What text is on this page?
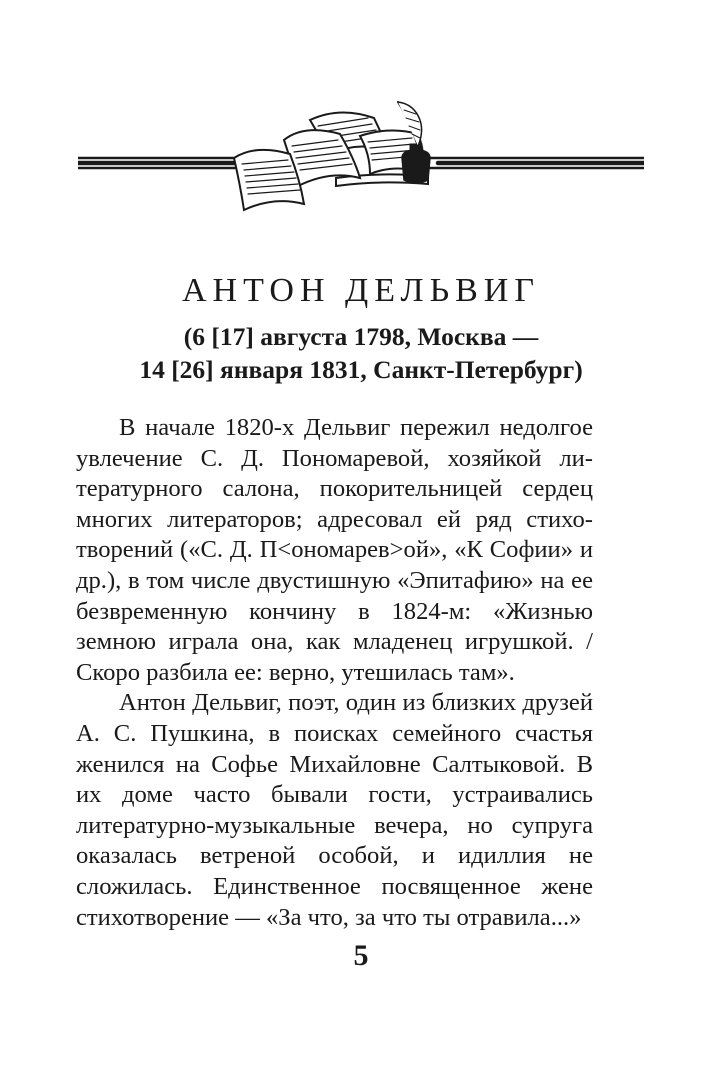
АНТОН ДЕЛЬВИГ
(6 [17] августа 1798, Москва —
14 [26] января 1831, Санкт-Петербург)

В начале 1820-х Дельвиг пережил недолгое увлечение С. Д. Пономаревой, хозяйкой литературного салона, покорительницей сердец многих литераторов; адресовал ей ряд стихотворений («С. Д. П<ономарев>ой», «К Софии» и др.), в том числе двустишную «Эпитафию» на ее безвременную кончину в 1824-м: «Жизнью земною играла она, как младенец игрушкой. / Скоро разбила ее: верно, утешилась там».

Антон Дельвиг, поэт, один из близких друзей А. С. Пушкина, в поисках семейного счастья женился на Софье Михайловне Салтыковой. В их доме часто бывали гости, устраивались литературно-музыкальные вечера, но супруга оказалась ветреной особой, и идиллия не сложилась. Единственное посвященное жене стихотворение — «За что, за что ты отравила...»

5
